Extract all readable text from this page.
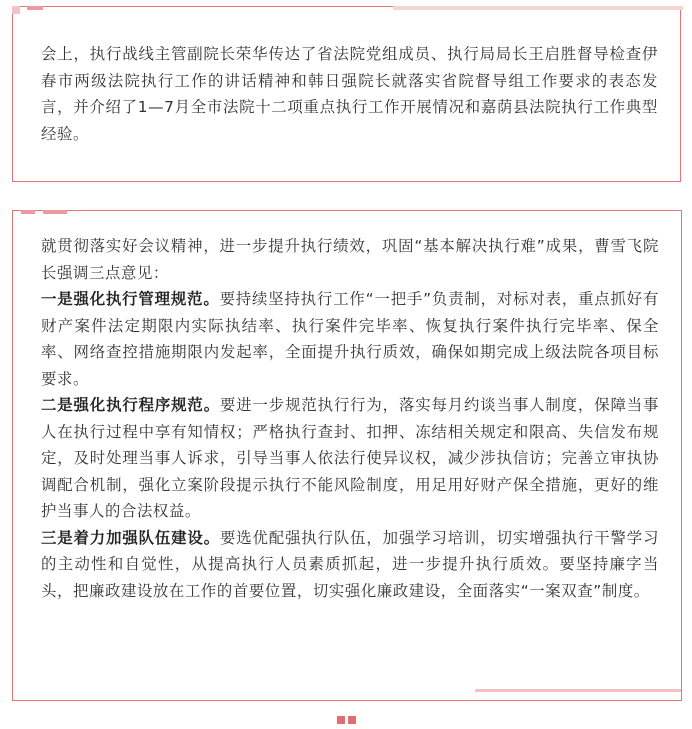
会上，执行战线主管副院长荣华传达了省法院党组成员、执行局局长王启胜督导检查伊春市两级法院执行工作的讲话精神和韩日强院长就落实省院督导组工作要求的表态发言，并介绍了1—7月全市法院十二项重点执行工作开展情况和嘉荫县法院执行工作典型经验。

就贯彻落实好会议精神，进一步提升执行绩效，巩固“基本解决执行难”成果，曹雪飞院长强调三点意见：

一是强化执行管理规范。要持续坚持执行工作“一把手”负责制，对标对表，重点抓好有财产案件法定期限内实际执结率、执行案件完毕率、恢复执行案件执行完毕率、保全率、网络查控措施期限内发起率，全面提升执行质效，确保如期完成上级法院各项目标要求。

二是强化执行程序规范。要进一步规范执行行为，落实每月约谈当事人制度，保障当事人在执行过程中享有知情权；严格执行查封、扣押、冻结相关规定和限高、失信发布规定，及时处理当事人诉求，引导当事人依法行使异议权，减少涉执信访；完善立审执协调配合机制，强化立案阶段提示执行不能风险制度，用足用好财产保全措施，更好的维护当事人的合法权益。

三是着力加强队伍建设。要选优配强执行队伍，加强学习培训，切实增强执行干警学习的主动性和自觉性，从提高执行人员素质抓起，进一步提升执行质效。要坚持廉字当头，把廉政建设放在工作的首要位置，切实强化廉政建设，全面落实“一案双查”制度。
